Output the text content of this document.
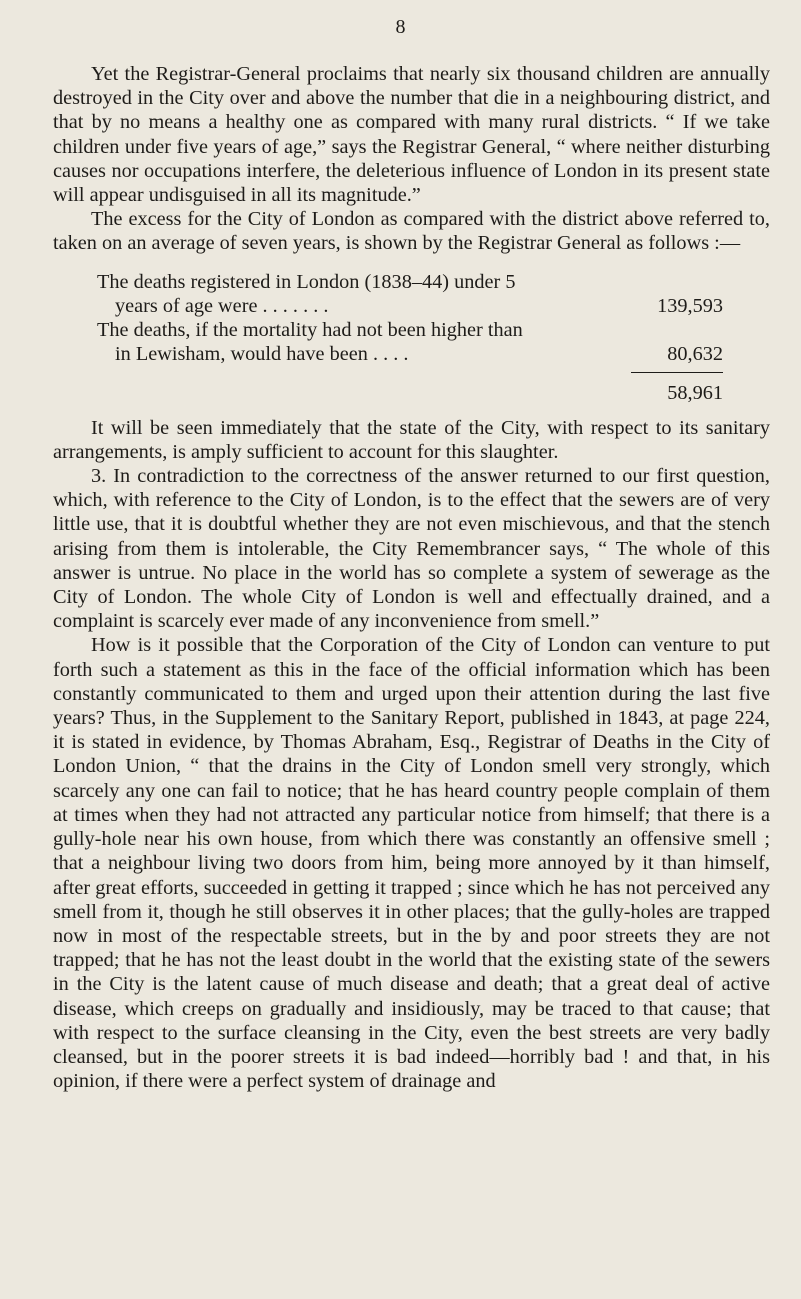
8

Yet the Registrar-General proclaims that nearly six thousand children are annually destroyed in the City over and above the number that die in a neighbouring district, and that by no means a healthy one as compared with many rural districts. “ If we take children under five years of age,” says the Registrar General, “ where neither disturbing causes nor occupations interfere, the deleterious influence of London in its present state will appear undisguised in all its magnitude.”

The excess for the City of London as compared with the district above referred to, taken on an average of seven years, is shown by the Registrar General as follows :—

The deaths registered in London (1838–44) under 5
years of age were . . . . . . .	139,593
The deaths, if the mortality had not been higher than
in Lewisham, would have been . . . .	80,632
58,961

It will be seen immediately that the state of the City, with respect to its sanitary arrangements, is amply sufficient to account for this slaughter.

3. In contradiction to the correctness of the answer returned to our first question, which, with reference to the City of London, is to the effect that the sewers are of very little use, that it is doubtful whether they are not even mischievous, and that the stench arising from them is intolerable, the City Remembrancer says, “ The whole of this answer is untrue. No place in the world has so complete a system of sewerage as the City of London. The whole City of London is well and effectually drained, and a complaint is scarcely ever made of any inconvenience from smell.”

How is it possible that the Corporation of the City of London can venture to put forth such a statement as this in the face of the official information which has been constantly communicated to them and urged upon their attention during the last five years? Thus, in the Supplement to the Sanitary Report, published in 1843, at page 224, it is stated in evidence, by Thomas Abraham, Esq., Registrar of Deaths in the City of London Union, “ that the drains in the City of London smell very strongly, which scarcely any one can fail to notice; that he has heard country people complain of them at times when they had not attracted any particular notice from himself; that there is a gully-hole near his own house, from which there was constantly an offensive smell ; that a neighbour living two doors from him, being more annoyed by it than himself, after great efforts, succeeded in getting it trapped ; since which he has not perceived any smell from it, though he still observes it in other places; that the gully-holes are trapped now in most of the respectable streets, but in the by and poor streets they are not trapped; that he has not the least doubt in the world that the existing state of the sewers in the City is the latent cause of much disease and death; that a great deal of active disease, which creeps on gradually and insidiously, may be traced to that cause; that with respect to the surface cleansing in the City, even the best streets are very badly cleansed, but in the poorer streets it is bad indeed—horribly bad ! and that, in his opinion, if there were a perfect system of drainage and
